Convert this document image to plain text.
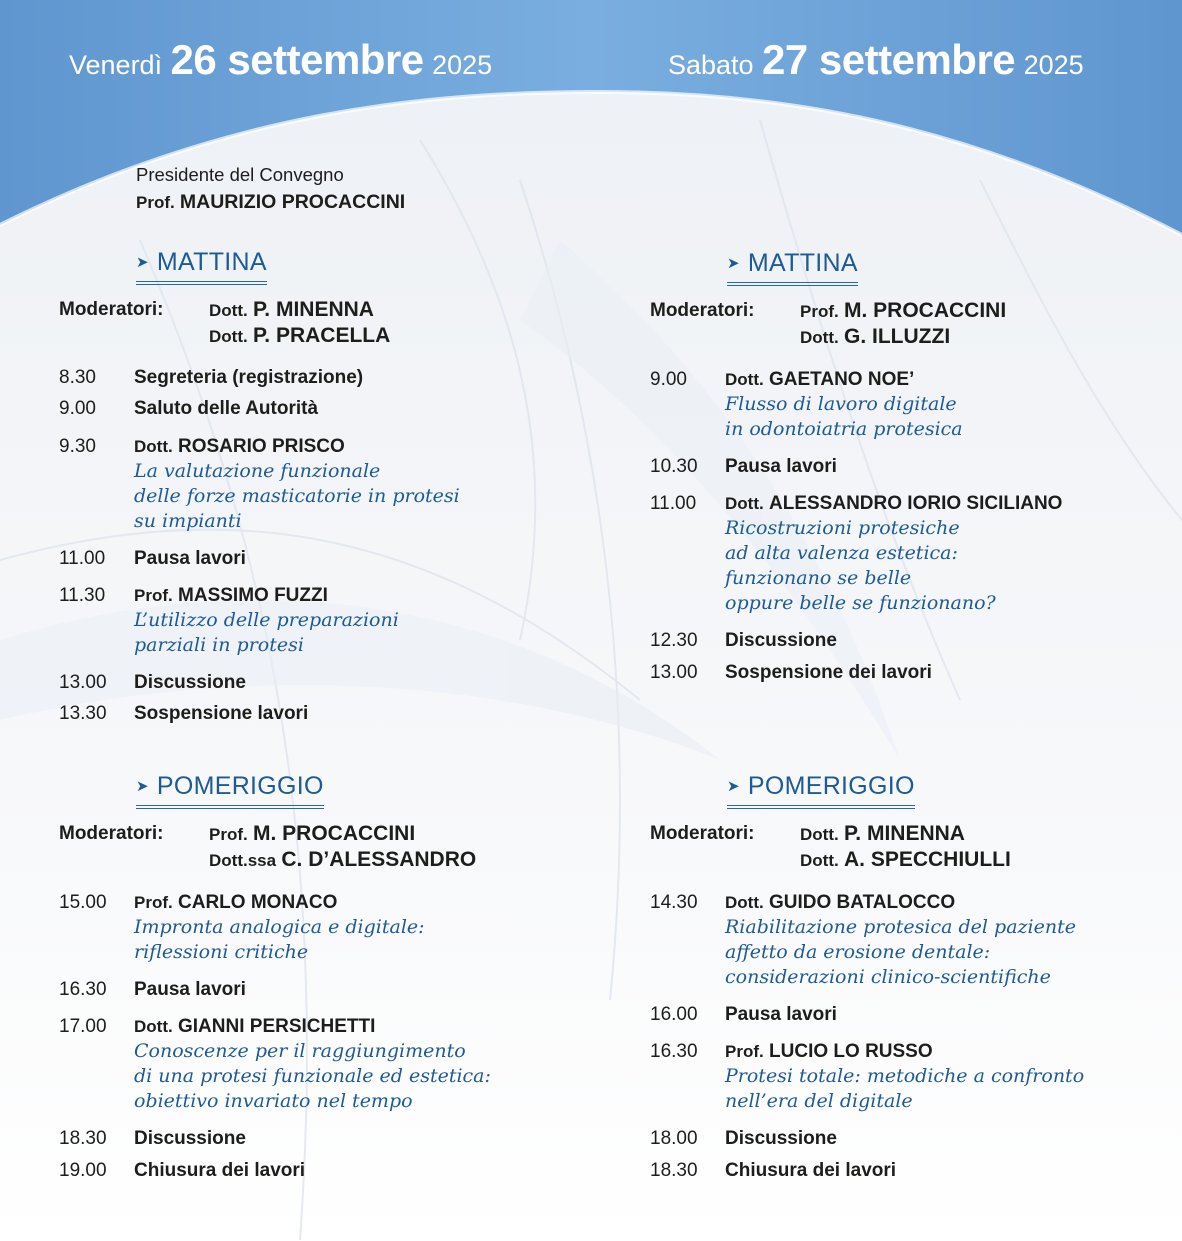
Venerdì 26 settembre 2025	Sabato 27 settembre 2025
Presidente del Convegno
Prof. MAURIZIO PROCACCINI
➤ MATTINA
Moderatori:	Dott. P. MINENNA
Dott. P. PRACELLA
8.30 Segreteria (registrazione)
9.00 Saluto delle Autorità
9.30 Dott. ROSARIO PRISCO
La valutazione funzionale
delle forze masticatorie in protesi
su impianti
11.00 Pausa lavori
11.30 Prof. MASSIMO FUZZI
L’utilizzo delle preparazioni
parziali in protesi
13.00 Discussione
13.30 Sospensione lavori
➤ POMERIGGIO
Moderatori:	Prof. M. PROCACCINI
Dott.ssa C. D’ALESSANDRO
15.00 Prof. CARLO MONACO
Impronta analogica e digitale:
riflessioni critiche
16.30 Pausa lavori
17.00 Dott. GIANNI PERSICHETTI
Conoscenze per il raggiungimento
di una protesi funzionale ed estetica:
obiettivo invariato nel tempo
18.30 Discussione
19.00 Chiusura dei lavori
➤ MATTINA
Moderatori:	Prof. M. PROCACCINI
Dott. G. ILLUZZI
9.00 Dott. GAETANO NOE’
Flusso di lavoro digitale
in odontoiatria protesica
10.30 Pausa lavori
11.00 Dott. ALESSANDRO IORIO SICILIANO
Ricostruzioni protesiche
ad alta valenza estetica:
funzionano se belle
oppure belle se funzionano?
12.30 Discussione
13.00 Sospensione dei lavori
➤ POMERIGGIO
Moderatori:	Dott. P. MINENNA
Dott. A. SPECCHIULLI
14.30 Dott. GUIDO BATALOCCO
Riabilitazione protesica del paziente
affetto da erosione dentale:
considerazioni clinico-scientifiche
16.00 Pausa lavori
16.30 Prof. LUCIO LO RUSSO
Protesi totale: metodiche a confronto
nell’era del digitale
18.00 Discussione
18.30 Chiusura dei lavori
